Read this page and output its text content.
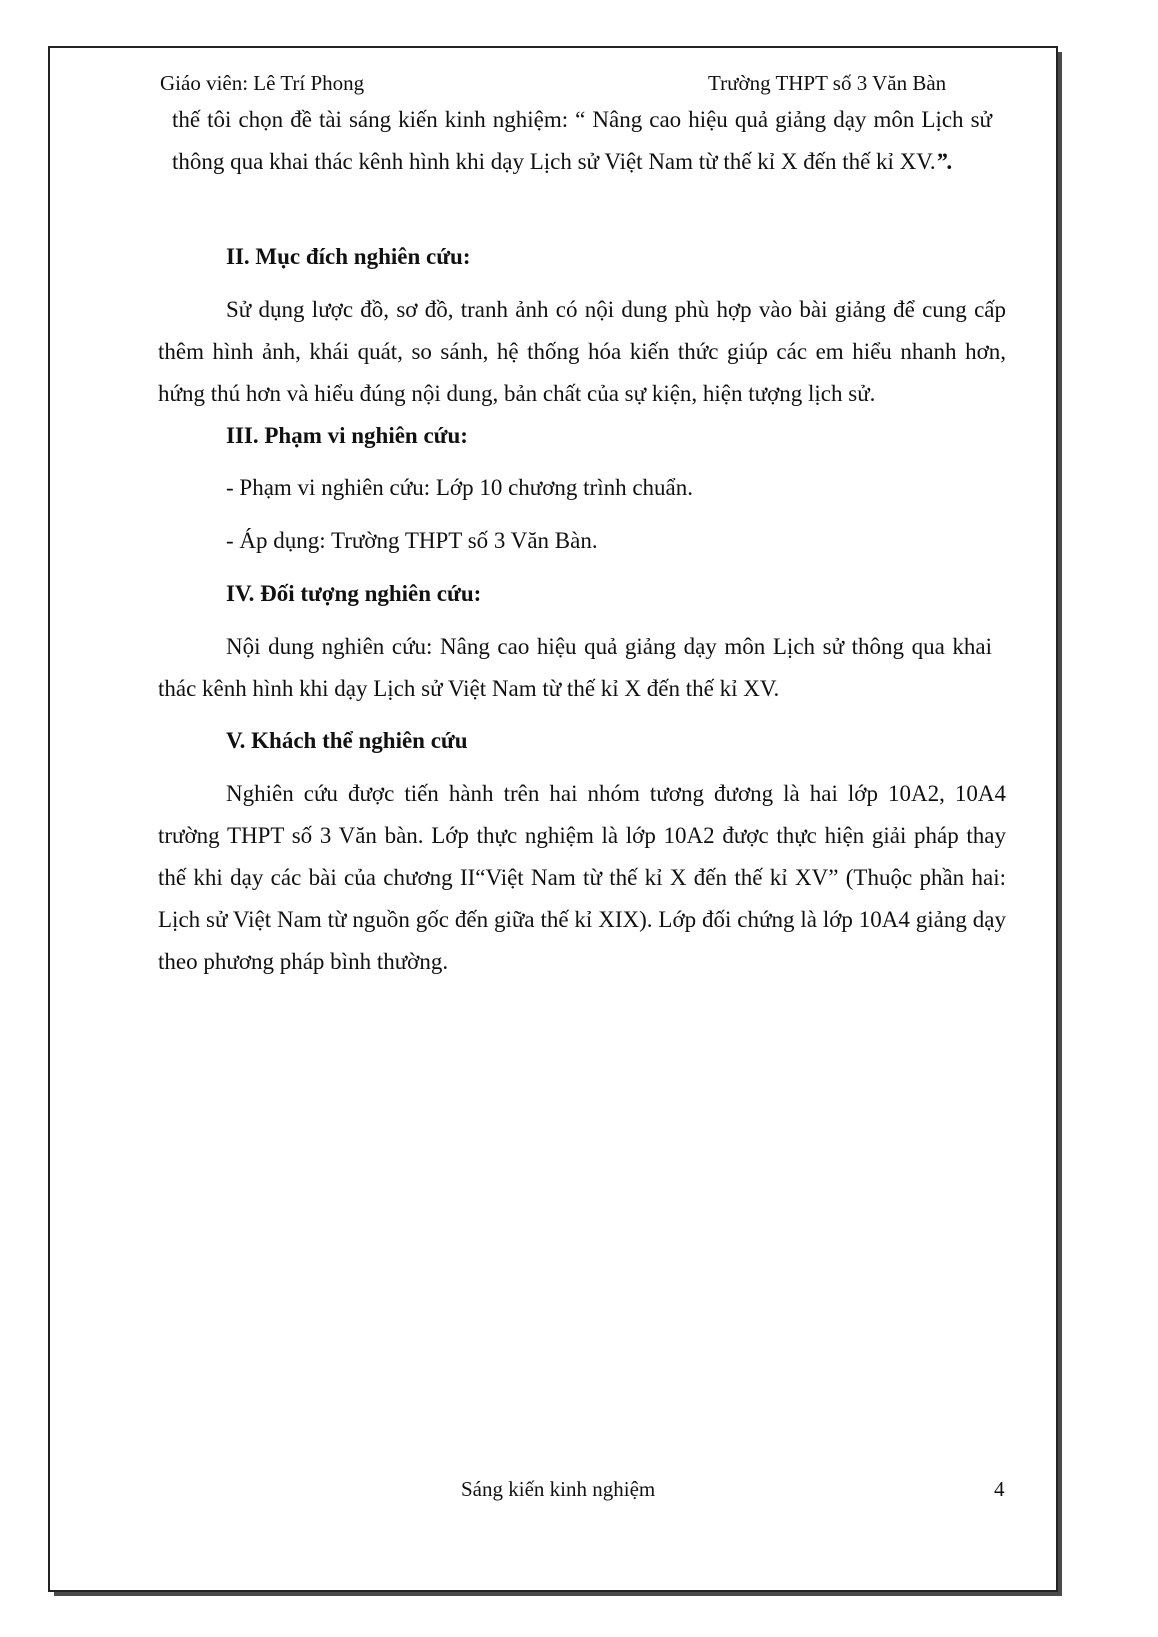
Giáo viên: Lê Trí Phong	Trường THPT số 3 Văn Bàn

thế tôi chọn đề tài sáng kiến kinh nghiệm: “ Nâng cao hiệu quả giảng dạy môn Lịch sử thông qua khai thác kênh hình khi dạy Lịch sử Việt Nam từ thế kỉ X đến thế kỉ XV.”.

II. Mục đích nghiên cứu:

Sử dụng lược đồ, sơ đồ, tranh ảnh có nội dung phù hợp vào bài giảng để cung cấp thêm hình ảnh, khái quát, so sánh, hệ thống hóa kiến thức giúp các em hiểu nhanh hơn, hứng thú hơn và hiểu đúng nội dung, bản chất của sự kiện, hiện tượng lịch sử.

III. Phạm vi nghiên cứu:

- Phạm vi nghiên cứu: Lớp 10 chương trình chuẩn.

- Áp dụng: Trường THPT số 3 Văn Bàn.

IV. Đối tượng nghiên cứu:

Nội dung nghiên cứu: Nâng cao hiệu quả giảng dạy môn Lịch sử thông qua khai thác kênh hình khi dạy Lịch sử Việt Nam từ thế kỉ X đến thế kỉ XV.

V. Khách thể nghiên cứu

Nghiên cứu được tiến hành trên hai nhóm tương đương là hai lớp 10A2, 10A4 trường THPT số 3 Văn bàn. Lớp thực nghiệm là lớp 10A2 được thực hiện giải pháp thay thế khi dạy các bài của chương II“Việt Nam từ thế kỉ X đến thế kỉ XV” (Thuộc phần hai: Lịch sử Việt Nam từ nguồn gốc đến giữa thế kỉ XIX). Lớp đối chứng là lớp 10A4 giảng dạy theo phương pháp bình thường.

Sáng kiến kinh nghiệm	4
